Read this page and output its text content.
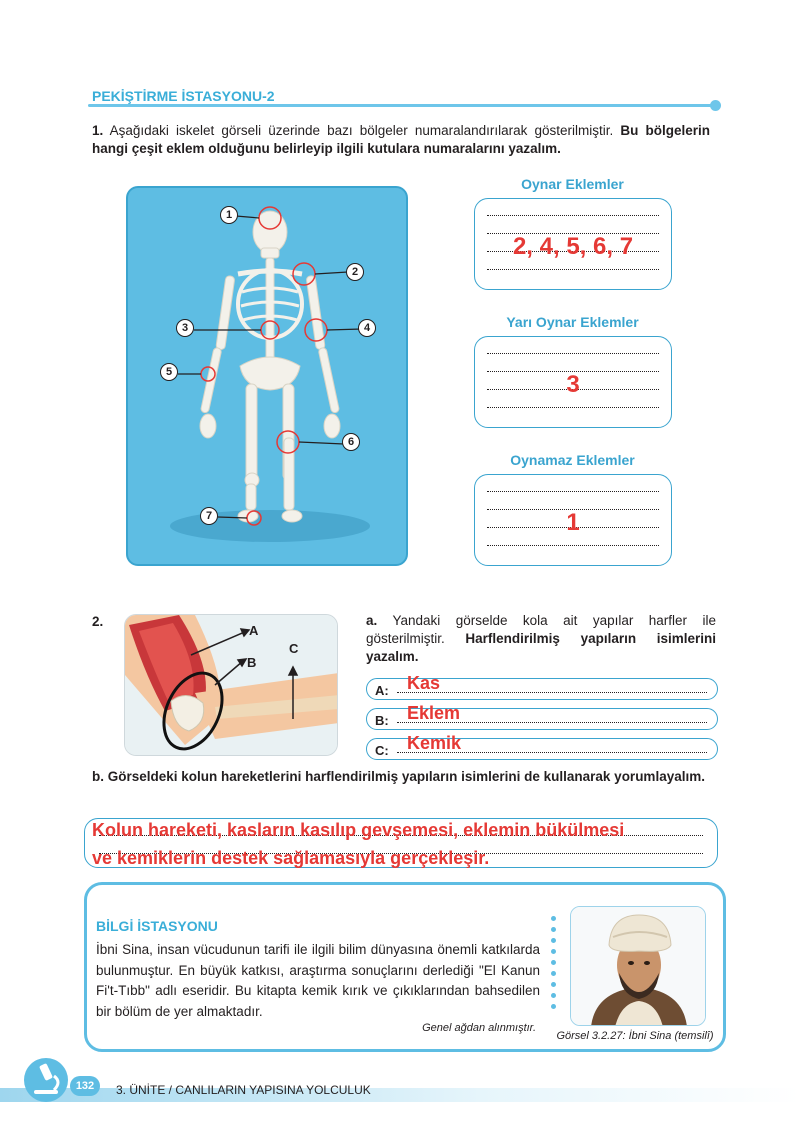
PEKİŞTİRME İSTASYONU-2
1. Aşağıdaki iskelet görseli üzerinde bazı bölgeler numaralandırılarak gösterilmiştir. Bu bölgelerin hangi çeşit eklem olduğunu belirleyip ilgili kutulara numaralarını yazalım.
1
2
3	4
5
6
7
Oynar Eklemler
2, 4, 5, 6, 7
Yarı Oynar Eklemler
3
Oynamaz Eklemler
1
2.
A
B
C
a. Yandaki görselde kola ait yapılar harfler ile gösterilmiştir. Harflendirilmiş yapıların isimlerini yazalım.
A: Kas
B: Eklem
C: Kemik
b. Görseldeki kolun hareketlerini harflendirilmiş yapıların isimlerini de kullanarak yorumlayalım.
Kolun hareketi, kasların kasılıp gevşemesi, eklemin bükülmesi
ve kemiklerin destek sağlamasıyla gerçekleşir.
BİLGİ İSTASYONU
İbni Sina, insan vücudunun tarifi ile ilgili bilim dünyasına önemli katkılarda bulunmuştur. En büyük katkısı, araştırma sonuçlarını derlediği "El Kanun Fi't-Tıbb" adlı eseridir. Bu kitapta kemik kırık ve çıkıklarından bahsedilen bir bölüm de yer almaktadır.
Genel ağdan alınmıştır.
Görsel 3.2.27: İbni Sina (temsilî)
132	3. ÜNİTE / CANLILARIN YAPISINA YOLCULUK
